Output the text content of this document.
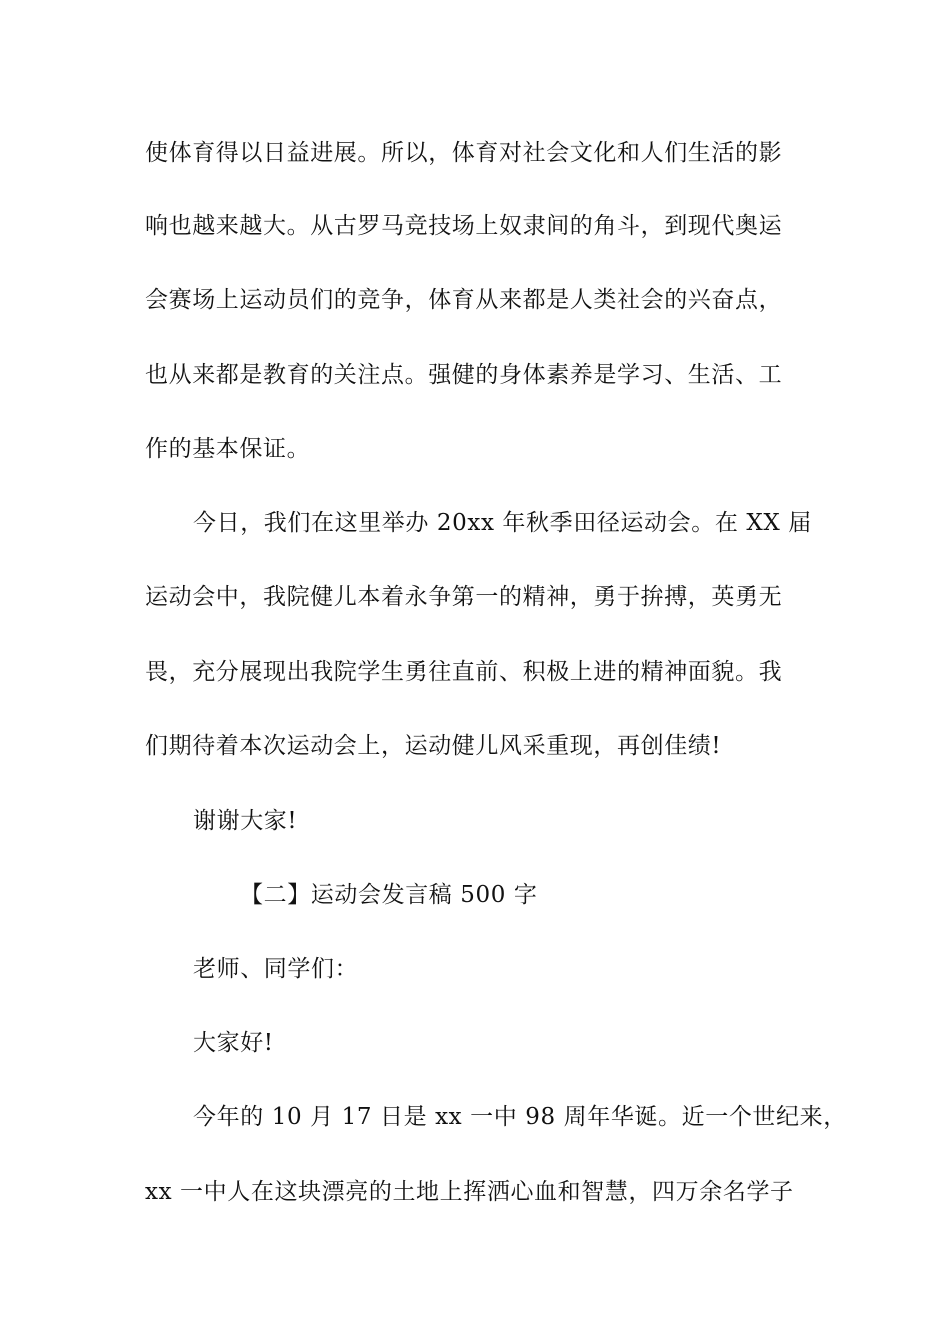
使体育得以日益进展。所以，体育对社会文化和人们生活的影
响也越来越大。从古罗马竞技场上奴隶间的角斗，到现代奥运
会赛场上运动员们的竞争，体育从来都是人类社会的兴奋点，
也从来都是教育的关注点。强健的身体素养是学习、生活、工
作的基本保证。
今日，我们在这里举办 20xx 年秋季田径运动会。在 XX 届
运动会中，我院健儿本着永争第一的精神，勇于拚搏，英勇无
畏，充分展现出我院学生勇往直前、积极上进的精神面貌。我
们期待着本次运动会上，运动健儿风采重现，再创佳绩!
谢谢大家!
【二】运动会发言稿 500 字
老师、同学们：
大家好!
今年的 10 月 17 日是 xx 一中 98 周年华诞。近一个世纪来，
xx 一中人在这块漂亮的土地上挥洒心血和智慧，四万余名学子
